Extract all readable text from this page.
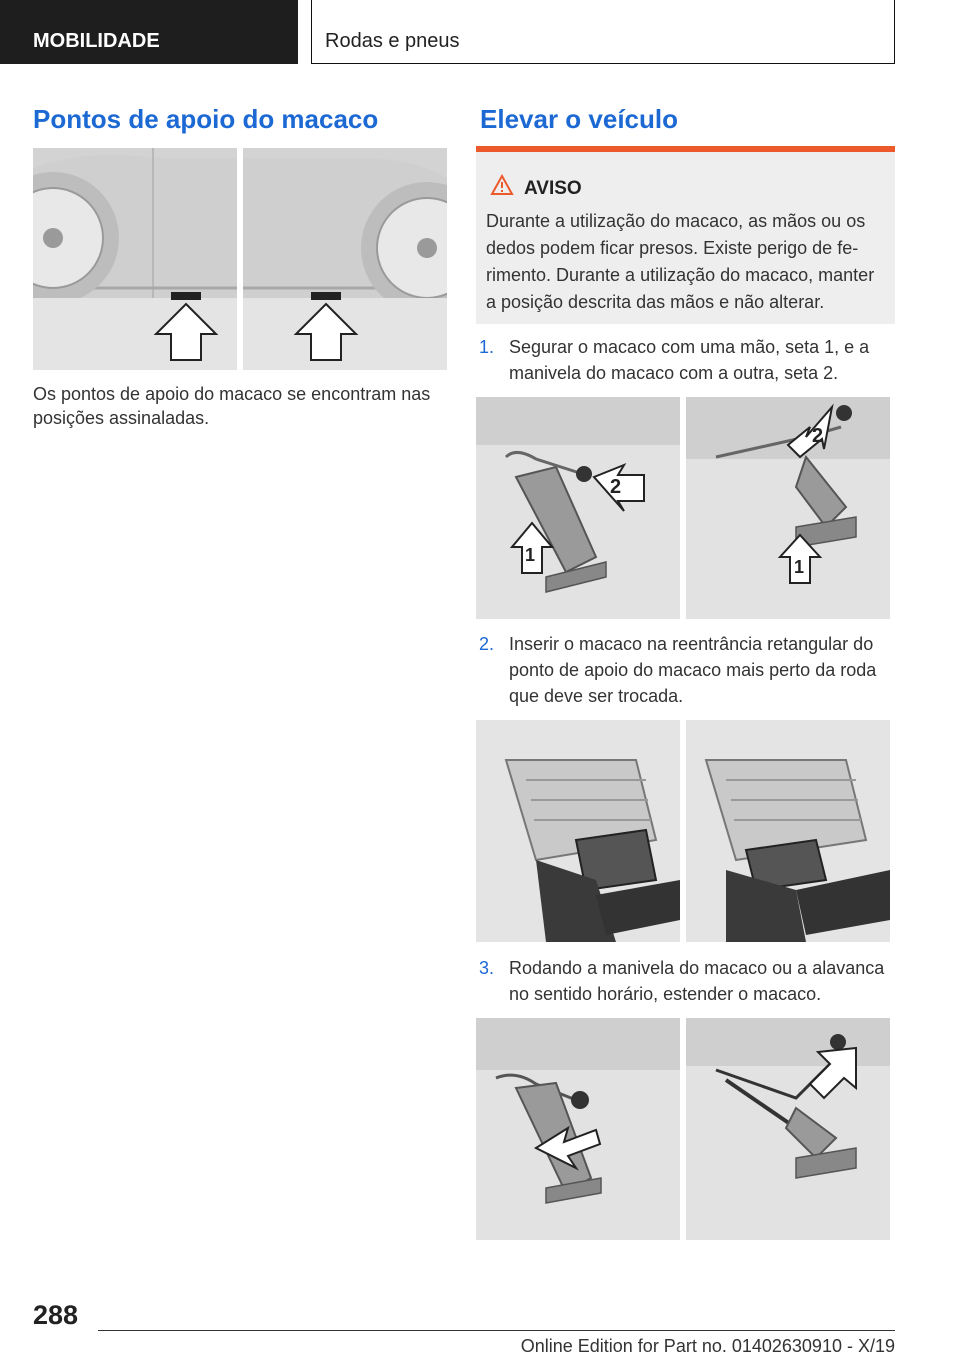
MOBILIDADE	Rodas e pneus
Pontos de apoio do macaco
Os pontos de apoio do macaco se encontram nas posições assinaladas.
Elevar o veículo
AVISO
Durante a utilização do macaco, as mãos ou os dedos podem ficar presos. Existe perigo de ferimento. Durante a utilização do macaco, manter a posição descrita das mãos e não alterar.
1. Segurar o macaco com uma mão, seta 1, e a manivela do macaco com a outra, seta 2.
2
1
2
1
2. Inserir o macaco na reentrância retangular do ponto de apoio do macaco mais perto da roda que deve ser trocada.
3. Rodando a manivela do macaco ou a alavanca no sentido horário, estender o macaco.
288
Online Edition for Part no. 01402630910 - X/19
